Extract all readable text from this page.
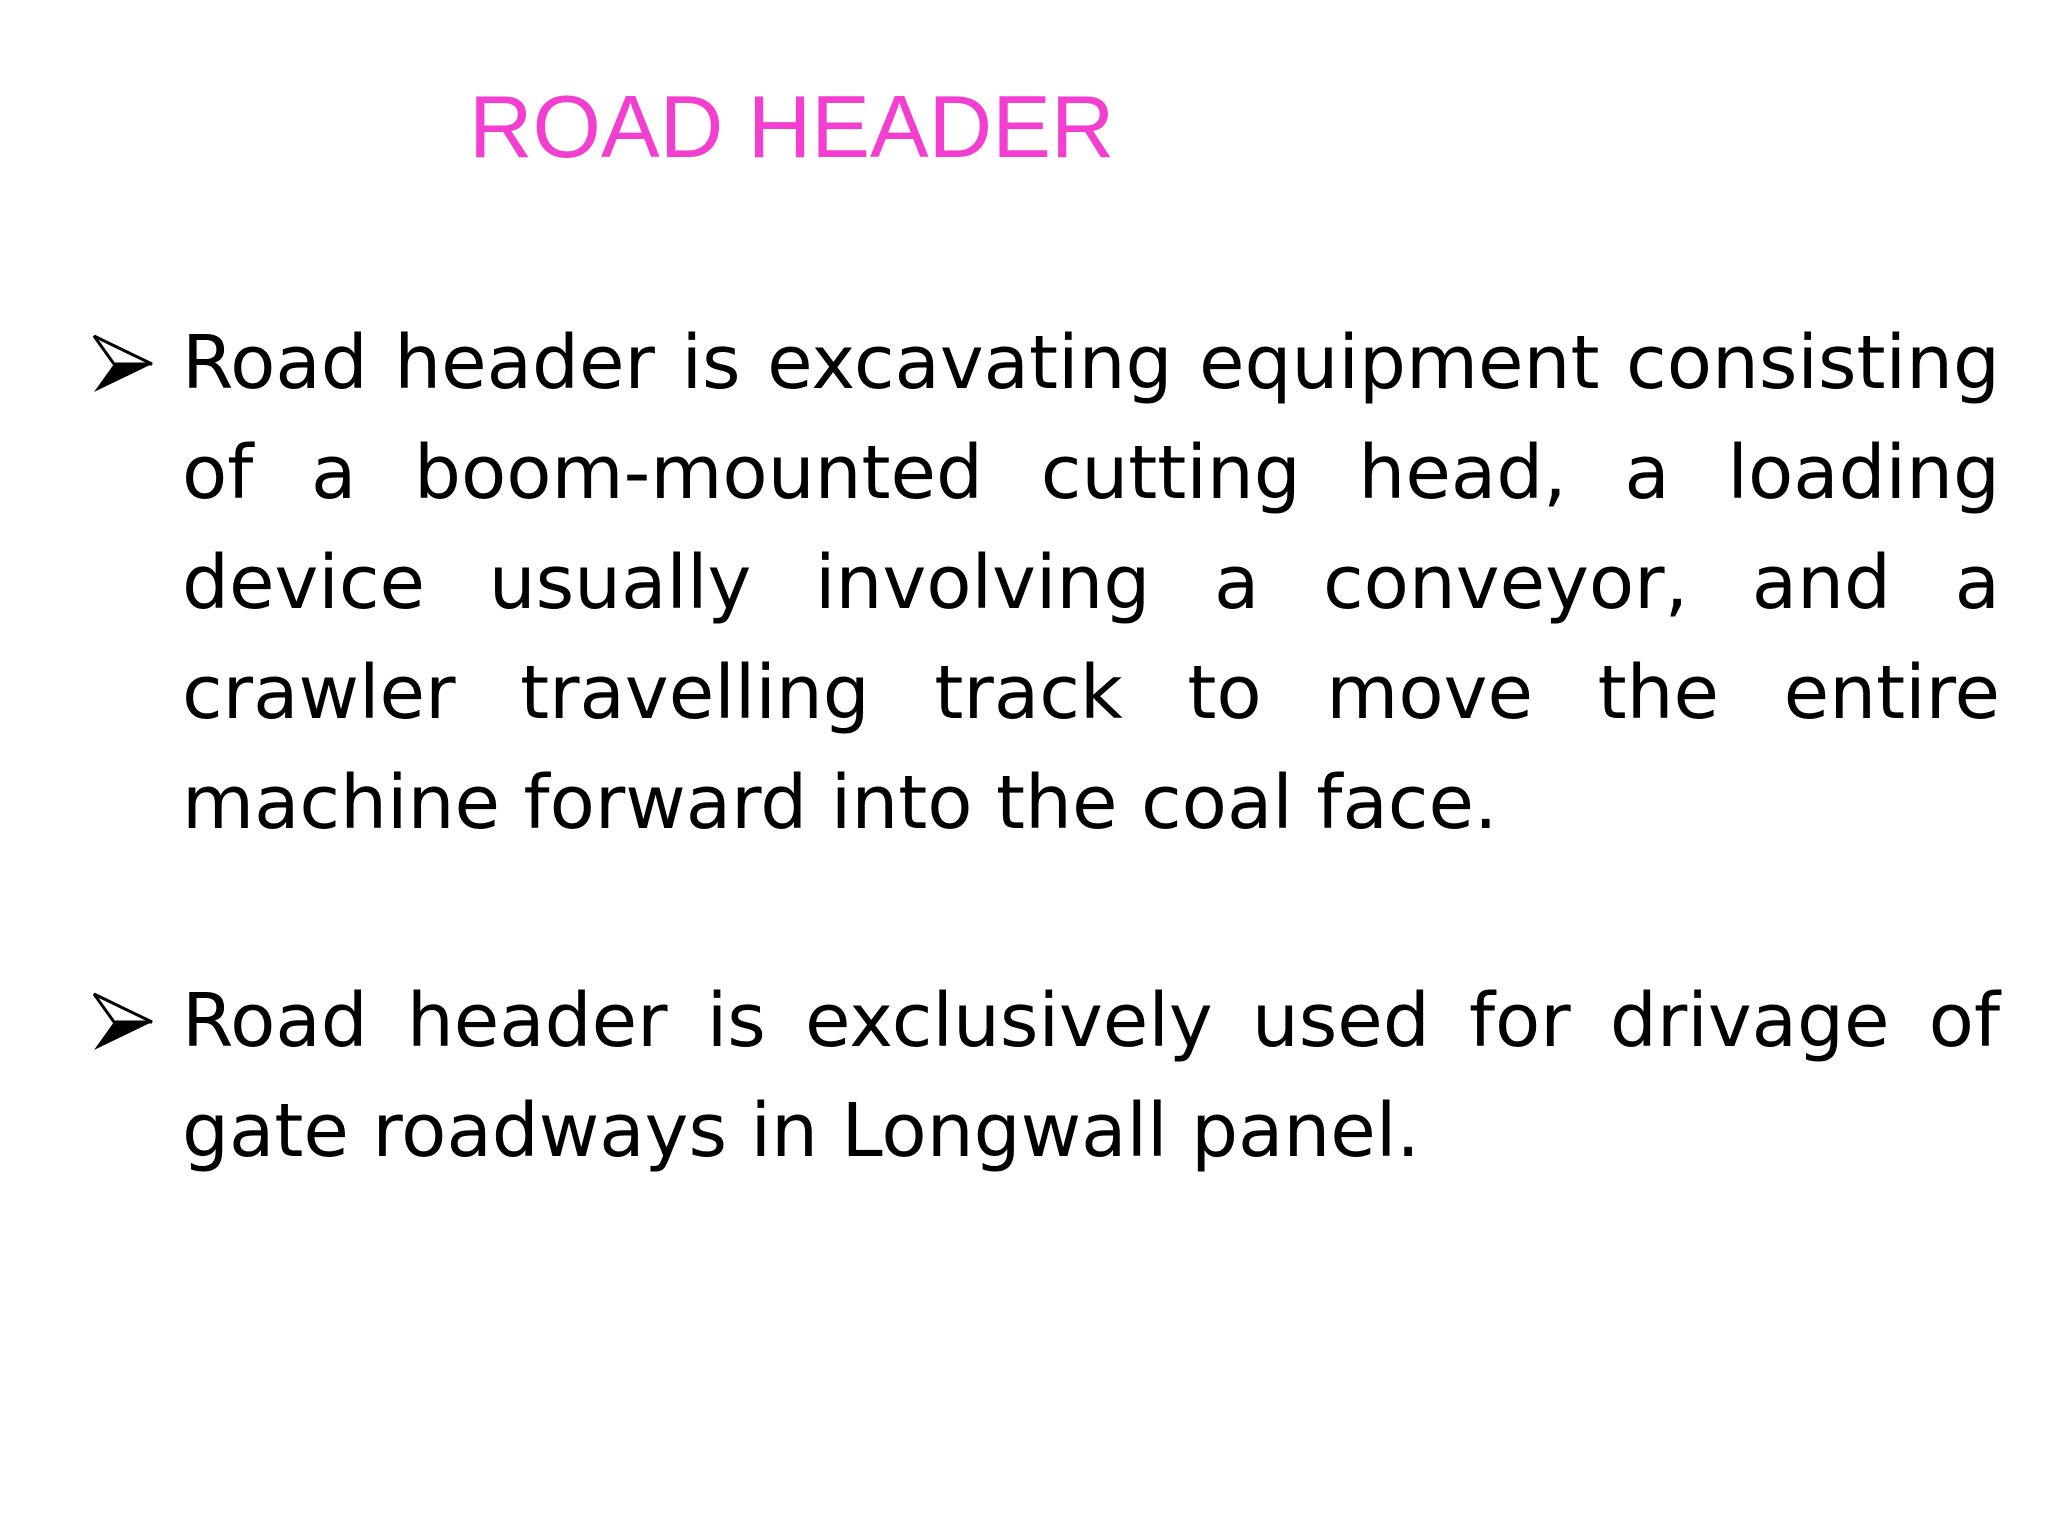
ROAD HEADER
Road header is excavating equipment consisting of a boom-mounted cutting head, a loading device usually involving a conveyor, and a crawler travelling track to move the entire machine forward into the coal face.
Road header is exclusively used for drivage of gate roadways in Longwall panel.
